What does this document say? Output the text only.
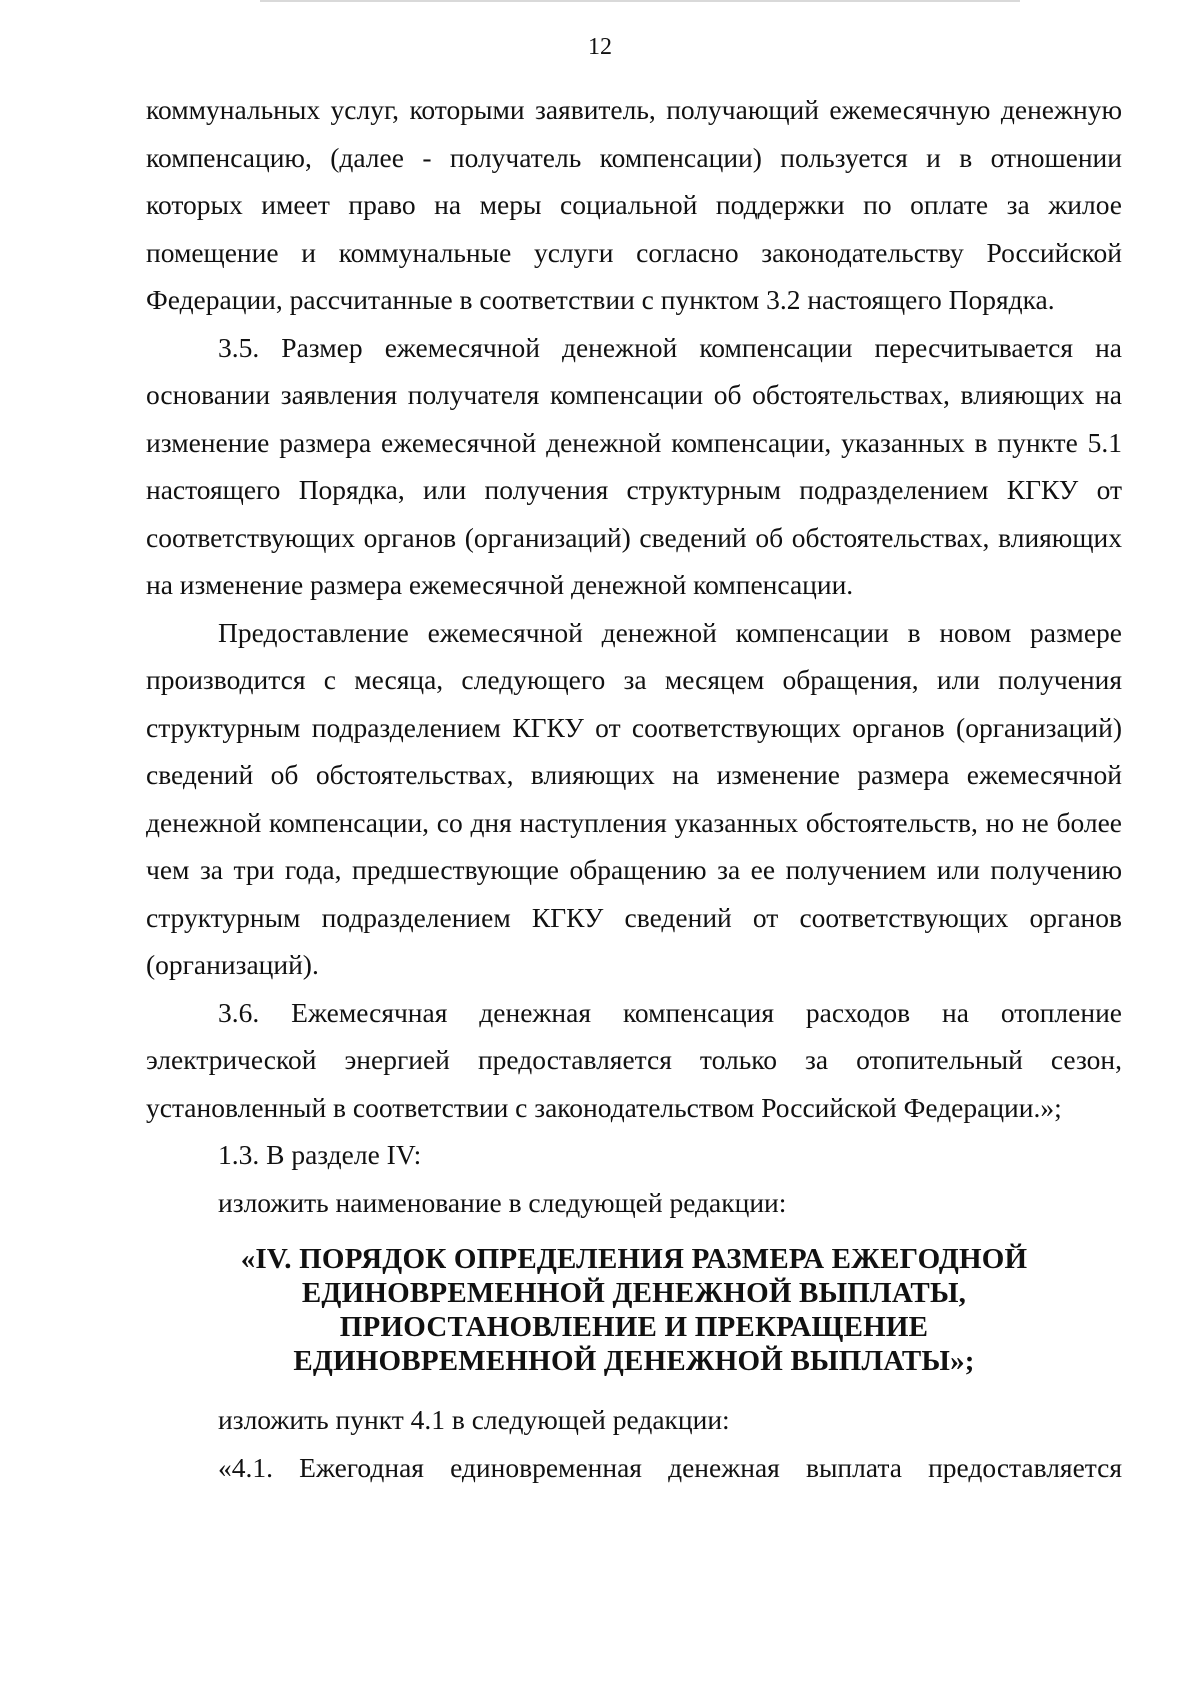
12

коммунальных услуг, которыми заявитель, получающий ежемесячную денежную компенсацию, (далее - получатель компенсации) пользуется и в отношении которых имеет право на меры социальной поддержки по оплате за жилое помещение и коммунальные услуги согласно законодательству Российской Федерации, рассчитанные в соответствии с пунктом 3.2 настоящего Порядка.

3.5. Размер ежемесячной денежной компенсации пересчитывается на основании заявления получателя компенсации об обстоятельствах, влияющих на изменение размера ежемесячной денежной компенсации, указанных в пункте 5.1 настоящего Порядка, или получения структурным подразделением КГКУ от соответствующих органов (организаций) сведений об обстоятельствах, влияющих на изменение размера ежемесячной денежной компенсации.

Предоставление ежемесячной денежной компенсации в новом размере производится с месяца, следующего за месяцем обращения, или получения структурным подразделением КГКУ от соответствующих органов (организаций) сведений об обстоятельствах, влияющих на изменение размера ежемесячной денежной компенсации, со дня наступления указанных обстоятельств, но не более чем за три года, предшествующие обращению за ее получением или получению структурным подразделением КГКУ сведений от соответствующих органов (организаций).

3.6. Ежемесячная денежная компенсация расходов на отопление электрической энергией предоставляется только за отопительный сезон, установленный в соответствии с законодательством Российской Федерации.»;

1.3. В разделе IV:

изложить наименование в следующей редакции:

«IV. ПОРЯДОК ОПРЕДЕЛЕНИЯ РАЗМЕРА ЕЖЕГОДНОЙ
ЕДИНОВРЕМЕННОЙ ДЕНЕЖНОЙ ВЫПЛАТЫ,
ПРИОСТАНОВЛЕНИЕ И ПРЕКРАЩЕНИЕ
ЕДИНОВРЕМЕННОЙ ДЕНЕЖНОЙ ВЫПЛАТЫ»;

изложить пункт 4.1 в следующей редакции:

«4.1. Ежегодная единовременная денежная выплата предоставляется
